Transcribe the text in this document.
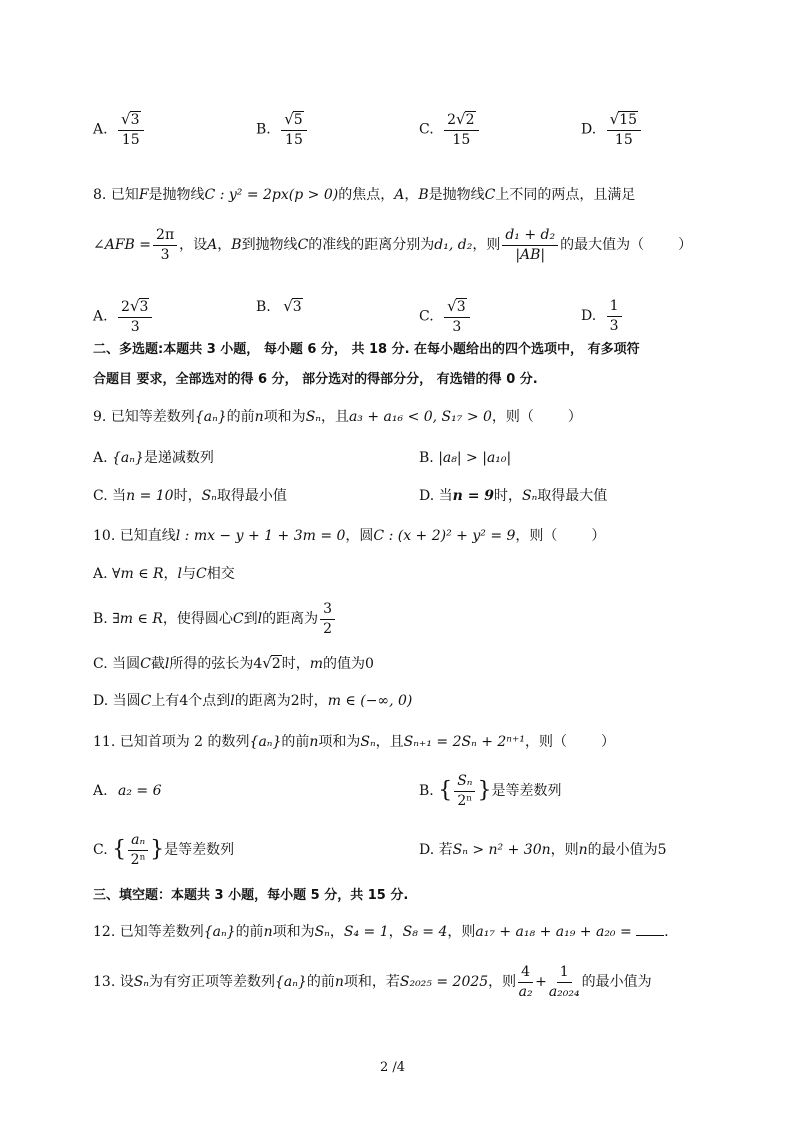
A. $\frac{√3}{15}$	B. $\frac{√5}{15}$	C. $\frac{2√2}{15}$	D. $\frac{√15}{15}$
8. 已知F是抛物线C : y² = 2px(p > 0)的焦点，A，B是抛物线C上不同的两点，且满足
∠AFB = $\frac{2\pi}{3}$ ，设 A ， B 到抛物线 C 的准线的距离分别为 d₁, d₂ ，则 $\frac{\text{d₁ + d₂}}{|AB|}$ 的最大值为（ ）
A. $\frac{2√3}{3}$	B. √3
C. $\frac{√3}{3}$	D. $\frac{1}{3}$
二、多选题:本题共 3 小题， 每小题 6 分， 共 18 分. 在每小题给出的四个选项中， 有多项符
合题目 要求，全部选对的得 6 分， 部分选对的得部分分， 有选错的得 0 分.
9. 已知等差数列{aₙ}的前n项和为Sₙ，且a₃ + a₁₆ < 0, S₁₇ > 0，则（ ）
A. {aₙ}是递减数列	B. |a₈| > |a₁₀|
C. 当n = 10时，Sₙ取得最小值	D. 当n = 9时，Sₙ取得最大值
10. 已知直线l : mx − y + 1 + 3m = 0，圆C : (x + 2)² + y² = 9，则（ ）
A. ∀m ∈ R，l与C相交
B.
∃m ∈ R ，使得圆心 C 到 l 的距离为 $\frac{3}{2}$
C. 当圆C截l所得的弦长为4√2时，m的值为0
D. 当圆C上有4个点到l的距离为2时，m ∈ (−∞, 0)
11. 已知首项为 2 的数列{aₙ}的前n项和为Sₙ，且Sₙ₊₁ = 2Sₙ + 2ⁿ⁺¹，则（ ）
A. a₂ = 6	B.
{ $\frac{\text{Sₙ}}{\text{2ⁿ}}$ } 是等差数列
C.
{ $\frac{\text{aₙ}}{\text{2ⁿ}}$ } 是等差数列	D. 若Sₙ > n² + 30n，则n的最小值为5
三、填空题：本题共 3 小题，每小题 5 分，共 15 分.
12. 已知等差数列{aₙ}的前n项和为Sₙ，S₄ = 1，S₈ = 4，则a₁₇ + a₁₈ + a₁₉ + a₂₀ = .
13.
设 Sₙ 为有穷正项等差数列 {aₙ} 的前 n 项和，若 S₂₀₂₅ = 2025 ，则 $\frac{4}{\text{a₂}} + \frac{1}{\text{a₂₀₂₄}}$ 的最小值为
2 /4
